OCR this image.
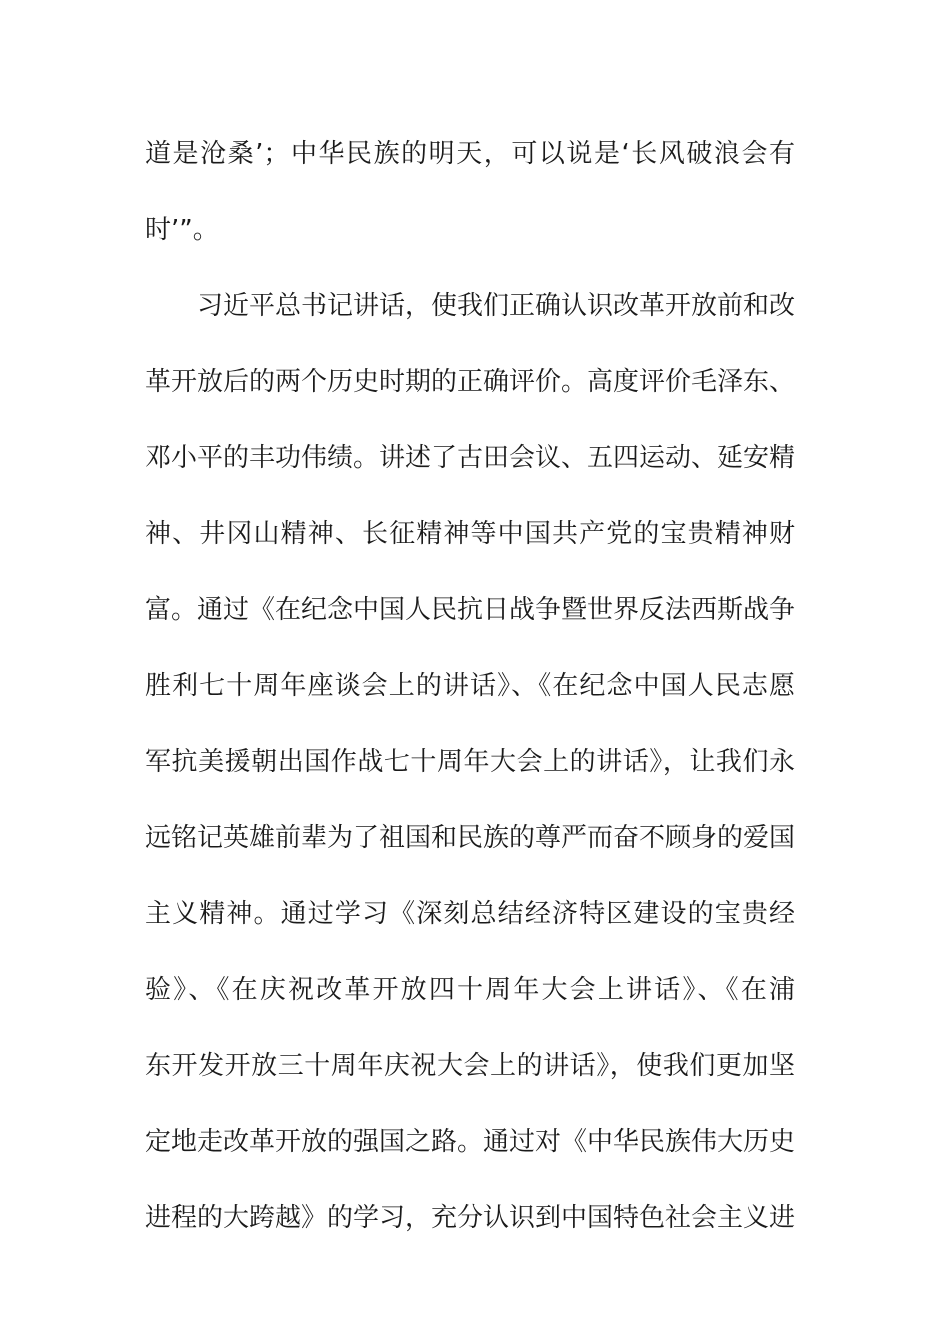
道是沧桑’；中华民族的明天，可以说是‘长风破浪会有
时’”。
习近平总书记讲话，使我们正确认识改革开放前和改
革开放后的两个历史时期的正确评价。高度评价毛泽东、
邓小平的丰功伟绩。讲述了古田会议、五四运动、延安精
神、井冈山精神、长征精神等中国共产党的宝贵精神财
富。通过《在纪念中国人民抗日战争暨世界反法西斯战争
胜利七十周年座谈会上的讲话》、《在纪念中国人民志愿
军抗美援朝出国作战七十周年大会上的讲话》，让我们永
远铭记英雄前辈为了祖国和民族的尊严而奋不顾身的爱国
主义精神。通过学习《深刻总结经济特区建设的宝贵经
验》、《在庆祝改革开放四十周年大会上讲话》、《在浦
东开发开放三十周年庆祝大会上的讲话》，使我们更加坚
定地走改革开放的强国之路。通过对《中华民族伟大历史
进程的大跨越》的学习，充分认识到中国特色社会主义进
